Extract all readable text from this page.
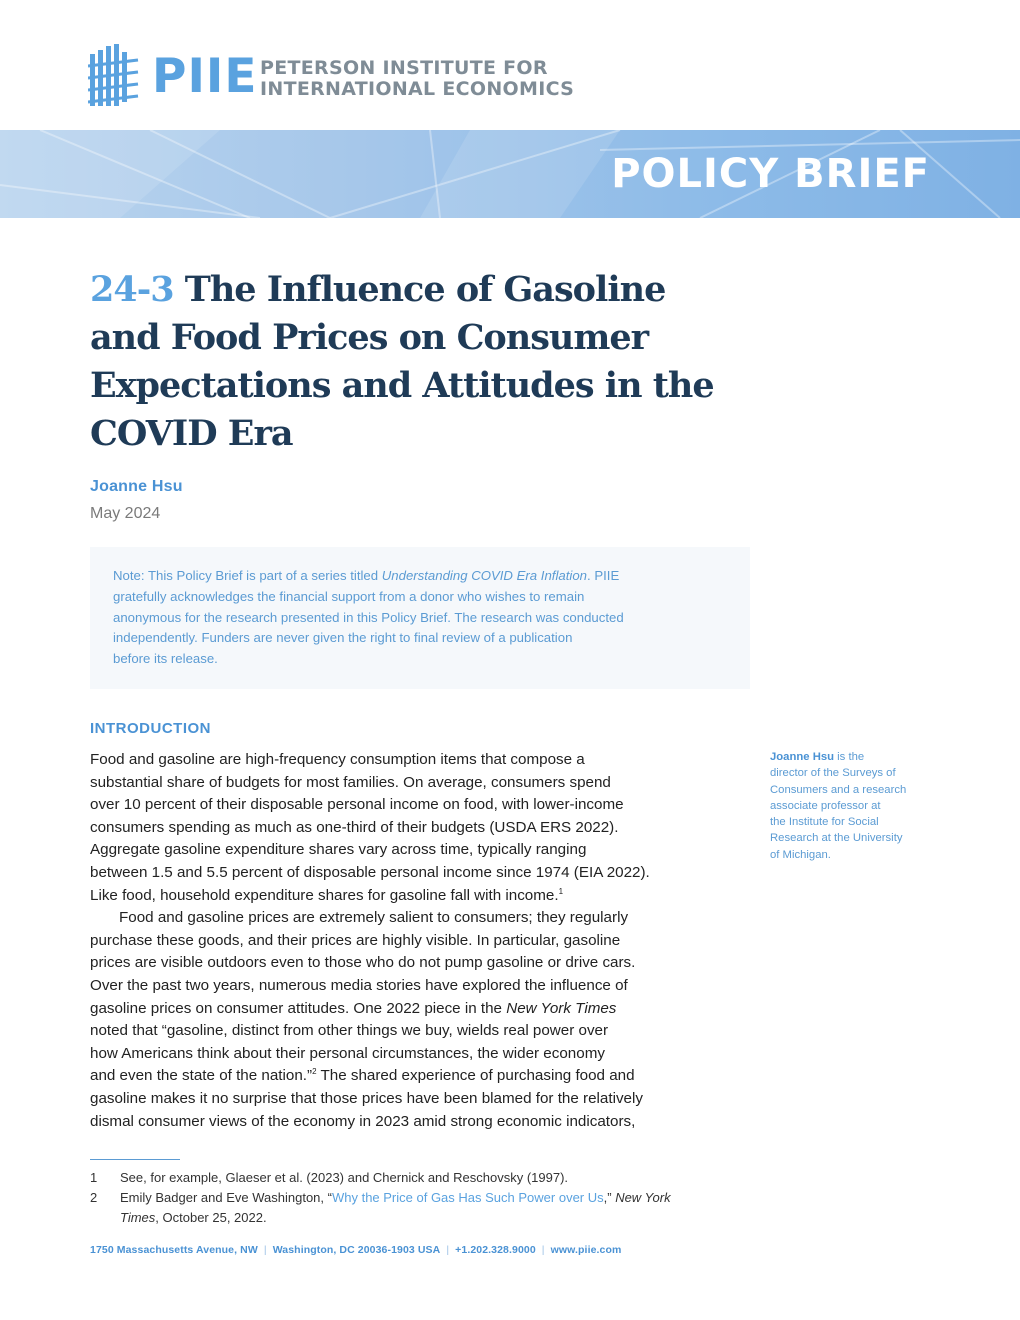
PIIE PETERSON INSTITUTE FOR
INTERNATIONAL ECONOMICS
POLICY BRIEF
24-3 The Influence of Gasoline
and Food Prices on Consumer
Expectations and Attitudes in the
COVID Era
Joanne Hsu
May 2024

Note: This Policy Brief is part of a series titled Understanding COVID Era Inflation. PIIE

gratefully acknowledges the financial support from a donor who wishes to remain

anonymous for the research presented in this Policy Brief. The research was conducted

independently. Funders are never given the right to final review of a publication

before its release.

INTRODUCTION

Food and gasoline are high-frequency consumption items that compose a

substantial share of budgets for most families. On average, consumers spend

over 10 percent of their disposable personal income on food, with lower-income

consumers spending as much as one-third of their budgets (USDA ERS 2022).

Aggregate gasoline expenditure shares vary across time, typically ranging

between 1.5 and 5.5 percent of disposable personal income since 1974 (EIA 2022).

Like food, household expenditure shares for gasoline fall with income.$^1$

Food and gasoline prices are extremely salient to consumers; they regularly

purchase these goods, and their prices are highly visible. In particular, gasoline

prices are visible outdoors even to those who do not pump gasoline or drive cars.

Over the past two years, numerous media stories have explored the influence of

gasoline prices on consumer attitudes. One 2022 piece in the New York Times

noted that “gasoline, distinct from other things we buy, wields real power over

how Americans think about their personal circumstances, the wider economy

and even the state of the nation.”$^2$ The shared experience of purchasing food and

gasoline makes it no surprise that those prices have been blamed for the relatively

dismal consumer views of the economy in 2023 amid strong economic indicators,

Joanne Hsu is the

director of the Surveys of

Consumers and a research

associate professor at

the Institute for Social

Research at the University

of Michigan.

1 See, for example, Glaeser et al. (2023) and Chernick and Reschovsky (1997).

2 Emily Badger and Eve Washington, “Why the Price of Gas Has Such Power over Us,” New York

Times, October 25, 2022.

1750 Massachusetts Avenue, NW | Washington, DC 20036-1903 USA | +1.202.328.9000 | www.piie.com
